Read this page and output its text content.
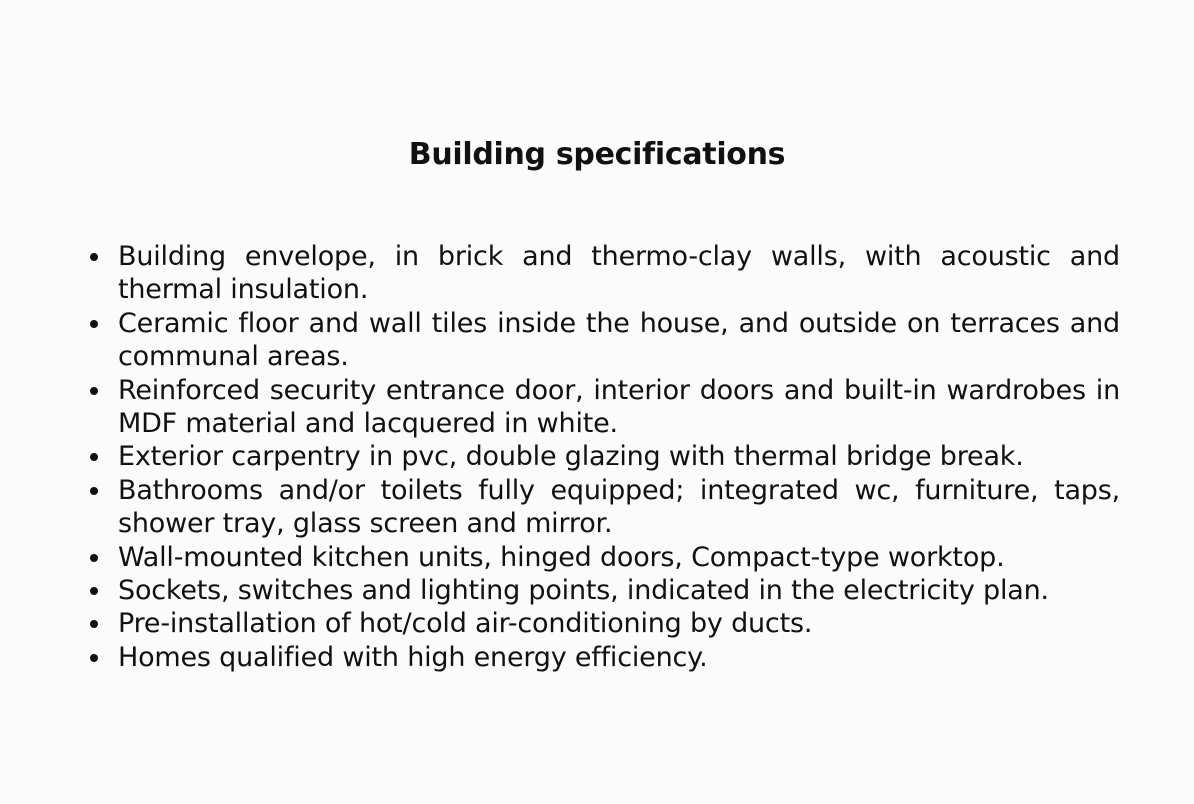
Building specifications
Building envelope, in brick and thermo-clay walls, with acoustic and thermal insulation.
Ceramic floor and wall tiles inside the house, and outside on terraces and communal areas.
Reinforced security entrance door, interior doors and built-in wardrobes in MDF material and lacquered in white.
Exterior carpentry in pvc, double glazing with thermal bridge break.
Bathrooms and/or toilets fully equipped; integrated wc, furniture, taps, shower tray, glass screen and mirror.
Wall-mounted kitchen units, hinged doors, Compact-type worktop.
Sockets, switches and lighting points, indicated in the electricity plan.
Pre-installation of hot/cold air-conditioning by ducts.
Homes qualified with high energy efficiency.
